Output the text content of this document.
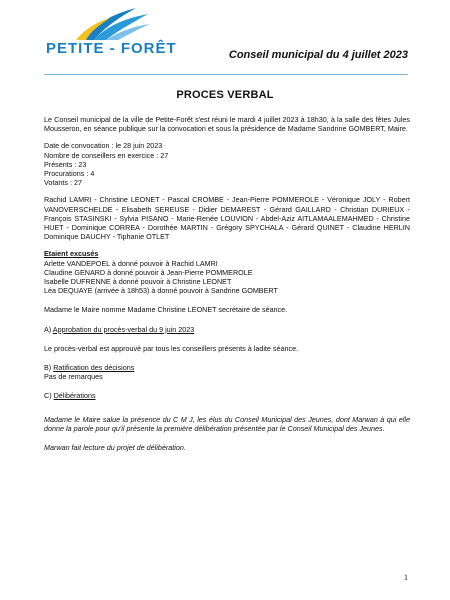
PETITE - FORÊT	Conseil municipal du 4 juillet 2023
PROCES VERBAL

Le Conseil municipal de la ville de Petite-Forêt s'est réuni le mardi 4 juillet 2023 à 18h30, à la salle des fêtes Jules Mousseron, en séance publique sur la convocation et sous la présidence de Madame Sandrine GOMBERT, Maire.

Date de convocation : le 28 juin 2023
Nombre de conseillers en exercice : 27
Présents : 23
Procurations : 4
Votants : 27

Rachid LAMRI - Christine LEONET - Pascal CROMBE - Jean-Pierre POMMEROLE - Véronique JOLY - Robert VANOVERSCHELDE - Elisabeth SEREUSE - Didier DEMAREST - Gérard GAILLARD - Christian DURIEUX - François STASINSKI - Sylvia PISANO - Marie-Renée LOUVION - Abdel-Aziz AITLAMAALEMAHMED - Christine HUET - Dominique CORREA - Dorothée MARTIN - Grégory SPYCHALA - Gérard QUINET - Claudine HERLIN Dominique DAUCHY - Tiphanie OTLET

Etaient excusés
Arlette VANDEPOEL à donné pouvoir à Rachid LAMRI
Claudine GENARD à donné pouvoir à Jean-Pierre POMMEROLE
Isabelle DUFRENNE à donné pouvoir à Christine LEONET
Léa DEQUAYE (arrivée à 18h53) à donné pouvoir à Sandrine GOMBERT

Madame le Maire nomme Madame Christine LEONET secrétaire de séance.

A) Approbation du procès-verbal du 9 juin 2023

Le procès-verbal est approuvé par tous les conseillers présents à ladite séance.

B) Ratification des décisions

Pas de remarques

C) Délibérations

Madame le Maire salue la présence du C M J, les élus du Conseil Municipal des Jeunes, dont Marwan à qui elle donne la parole pour qu'il présente la première délibération présentée par le Conseil Municipal des Jeunes.

Marwan fait lecture du projet de délibération.

1
